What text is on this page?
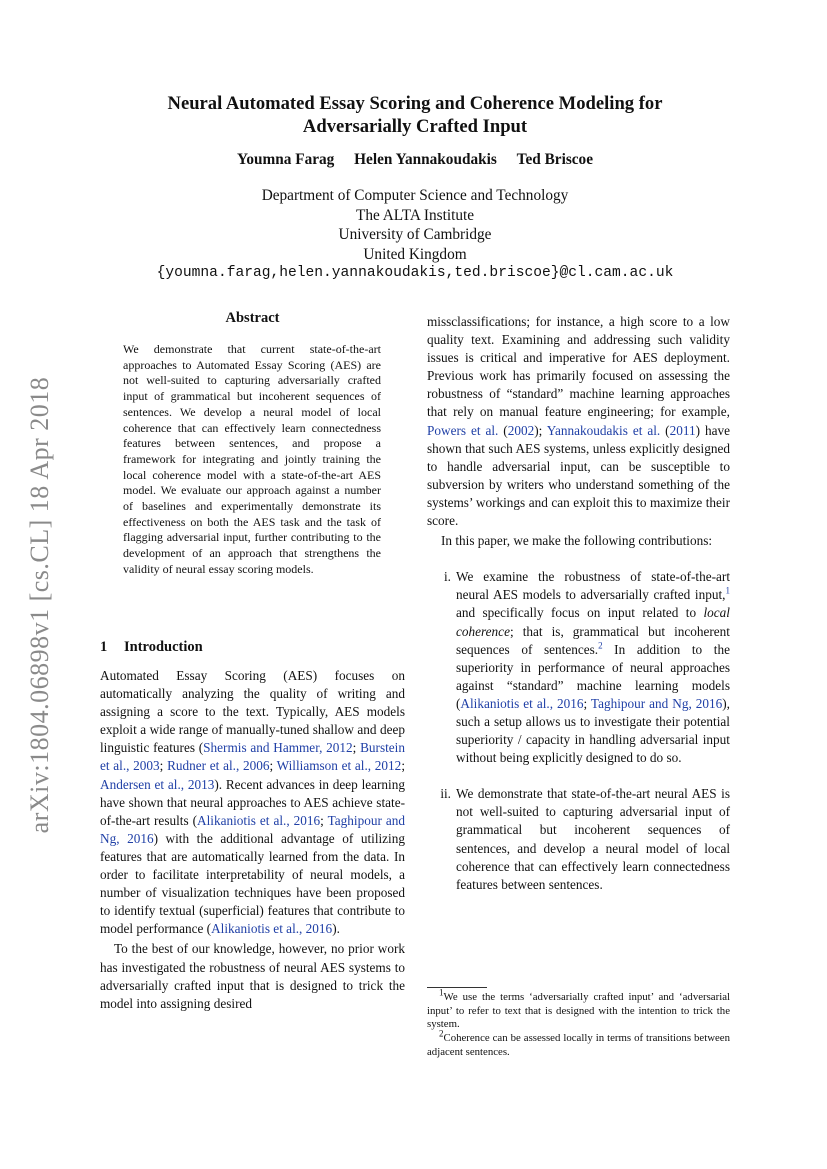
arXiv:1804.06898v1 [cs.CL] 18 Apr 2018
Neural Automated Essay Scoring and Coherence Modeling for
Adversarially Crafted Input
Youmna Farag Helen Yannakoudakis Ted Briscoe
Department of Computer Science and Technology
The ALTA Institute
University of Cambridge
United Kingdom
{youmna.farag,helen.yannakoudakis,ted.briscoe}@cl.cam.ac.uk
Abstract
We demonstrate that current state-of-the-art approaches to Automated Essay Scoring (AES) are not well-suited to capturing adversarially crafted input of grammatical but incoherent sequences of sentences. We develop a neural model of local coherence that can effectively learn connectedness features between sentences, and propose a framework for integrating and jointly training the local coherence model with a state-of-the-art AES model. We evaluate our approach against a number of baselines and experimentally demonstrate its effectiveness on both the AES task and the task of flagging adversarial input, further contributing to the development of an approach that strengthens the validity of neural essay scoring models.
1 Introduction

Automated Essay Scoring (AES) focuses on automatically analyzing the quality of writing and assigning a score to the text. Typically, AES models exploit a wide range of manually-tuned shallow and deep linguistic features (Shermis and Hammer, 2012; Burstein et al., 2003; Rudner et al., 2006; Williamson et al., 2012; Andersen et al., 2013). Recent advances in deep learning have shown that neural approaches to AES achieve state-of-the-art results (Alikaniotis et al., 2016; Taghipour and Ng, 2016) with the additional advantage of utilizing features that are automatically learned from the data. In order to facilitate interpretability of neural models, a number of visualization techniques have been proposed to identify textual (superficial) features that contribute to model performance (Alikaniotis et al., 2016).

To the best of our knowledge, however, no prior work has investigated the robustness of neural AES systems to adversarially crafted input that is designed to trick the model into assigning desired

missclassifications; for instance, a high score to a low quality text. Examining and addressing such validity issues is critical and imperative for AES deployment. Previous work has primarily focused on assessing the robustness of “standard” machine learning approaches that rely on manual feature engineering; for example, Powers et al. (2002); Yannakoudakis et al. (2011) have shown that such AES systems, unless explicitly designed to handle adversarial input, can be susceptible to subversion by writers who understand something of the systems’ workings and can exploit this to maximize their score.

In this paper, we make the following contributions:

i. We examine the robustness of state-of-the-art neural AES models to adversarially crafted input,$^1$ and specifically focus on input related to local coherence; that is, grammatical but incoherent sequences of sentences.$^2$ In addition to the superiority in performance of neural approaches against “standard” machine learning models (Alikaniotis et al., 2016; Taghipour and Ng, 2016), such a setup allows us to investigate their potential superiority / capacity in handling adversarial input without being explicitly designed to do so.
ii. We demonstrate that state-of-the-art neural AES is not well-suited to capturing adversarial input of grammatical but incoherent sequences of sentences, and develop a neural model of local coherence that can effectively learn connectedness features between sentences.

$^1$We use the terms ‘adversarially crafted input’ and ‘adversarial input’ to refer to text that is designed with the intention to trick the system.

$^2$Coherence can be assessed locally in terms of transitions between adjacent sentences.
